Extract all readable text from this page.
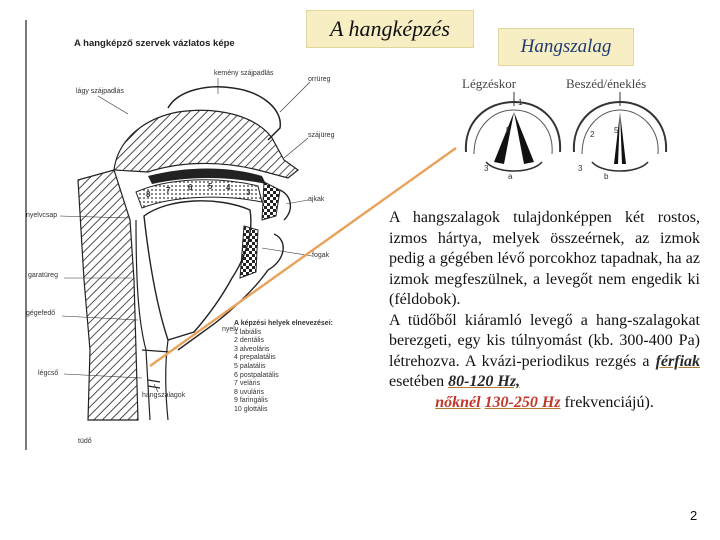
A hangképzés
A hangképző szervek vázlatos képe
kemény szájpadlás
lágy szájpadlás
orrüreg
szájüreg
ajkak
nyelvcsap
fogak
garatüreg
gégefedő
nyelv
légcső
hangszalagok
tüdő
8 7 6 5 4
3
A képzési helyek elnevezései:
1 labiális
2 dentális
3 alveoláris
4 prepalatális
5 palatális
6 postpalatális
7 veláris
8 uvuláris
9 faringális
10 glottális
Hangszalag
Légzéskor	Beszéd/éneklés
1
5
3
a
5
2
3
b

A hangszalagok tulajdonképpen két rostos, izmos hártya, melyek összeérnek, az izmok pedig a gégében lévő porcokhoz tapadnak, ha az izmok megfeszülnek, a levegőt nem engedik ki (féldobok).

A tüdőből kiáramló levegő a hang-szalagokat berezgeti, egy kis túlnyomást (kb. 300-400 Pa) létrehozva. A kvázi-periodikus rezgés a férfiak esetében 80-120 Hz,

nőknél 130-250 Hz frekvenciájú).

2
